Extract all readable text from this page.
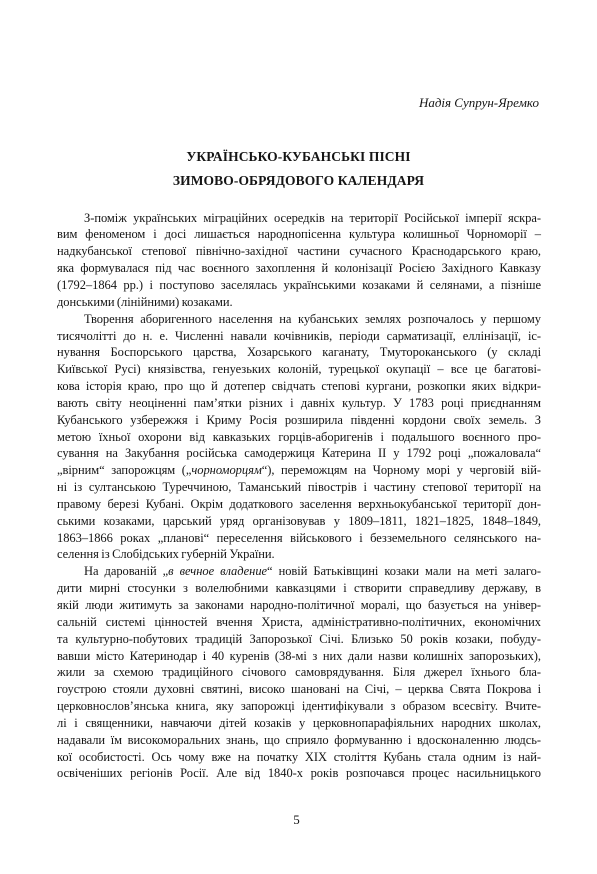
Надія Супрун-Яремко
УКРАЇНСЬКО-КУБАНСЬКІ ПІСНІ
ЗИМОВО-ОБРЯДОВОГО КАЛЕНДАРЯ
З-поміж українських міграційних осередків на території Російської імперії яскра-
вим феноменом і досі лишається народнопісенна культура колишньої Чорноморії –
надкубанської степової північно-західної частини сучасного Краснодарського краю,
яка формувалася під час воєнного захоплення й колонізації Росією Західного Кавказу
(1792–1864 рр.) і поступово заселялась українськими козаками й селянами, а пізніше
донськими (лінійними) козаками.
Творення аборигенного населення на кубанських землях розпочалось у першому
тисячолітті до н. е. Численні навали кочівників, періоди сарматизації, еллінізації, іс-
нування Боспорського царства, Хозарського каганату, Тмутороканського (у складі
Київської Русі) князівства, генуезьких колоній, турецької окупації – все це багатові-
кова історія краю, про що й дотепер свідчать степові кургани, розкопки яких відкри-
вають світу неоціненні пам’ятки різних і давніх культур. У 1783 році приєднанням
Кубанського узбережжя і Криму Росія розширила південні кордони своїх земель. З
метою їхньої охорони від кавказьких горців-аборигенів і подальшого воєнного про-
сування на Закубання російська самодержиця Катерина II у 1792 році „пожаловала“
„вірним“ запорожцям („чорноморцям“), переможцям на Чорному морі у черговій вій-
ні із султанською Туреччиною, Таманський півострів і частину степової території на
правому березі Кубані. Окрім додаткового заселення верхньокубанської території дон-
ськими козаками, царський уряд організовував у 1809–1811, 1821–1825, 1848–1849,
1863–1866 роках „планові“ переселення військового і безземельного селянського на-
селення із Слобідських губерній України.
На дарованій „в вечное владение“ новій Батьківщині козаки мали на меті залаго-
дити мирні стосунки з волелюбними кавказцями і створити справедливу державу, в
якій люди житимуть за законами народно-політичної моралі, що базується на універ-
сальній системі цінностей вчення Христа, адміністративно-політичних, економічних
та культурно-побутових традицій Запорозької Січі. Близько 50 років козаки, побуду-
вавши місто Катеринодар і 40 куренів (38-мі з них дали назви колишніх запорозьких),
жили за схемою традиційного січового самоврядування. Біля джерел їхнього бла-
гоустрою стояли духовні святині, високо шановані на Січі, – церква Свята Покрова і
церковнослов’янська книга, яку запорожці ідентифікували з образом всесвіту. Вчите-
лі і священники, навчаючи дітей козаків у церковнопарафіяльних народних школах,
надавали їм високоморальних знань, що сприяло формуванню і вдосконаленню людсь-
кої особистості. Ось чому вже на початку XIX століття Кубань стала одним із най-
освіченіших регіонів Росії. Але від 1840-х років розпочався процес насильницького
5
